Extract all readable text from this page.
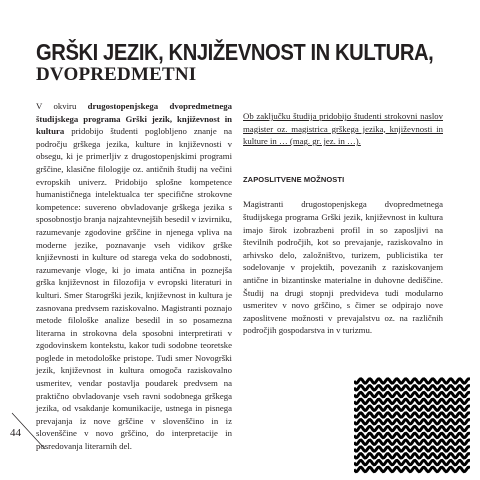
GRŠKI JEZIK, KNJIŽEVNOST IN KULTURA,
DVOPREDMETNI

V okviru drugostopenjskega dvopredmetnega študijskega programa Grški jezik, književnost in kultura pridobijo študenti poglobljeno znanje na področju grškega jezika, kulture in književnosti v obsegu, ki je primerljiv z drugostopenjskimi programi grščine, klasične filologije oz. antičnih študij na večini evropskih univerz. Pridobijo splošne kompetence humanističnega intelektualca ter specifične strokovne kompetence: suvereno obvladovanje grškega jezika s sposobnostjo branja najzahtevnejših besedil v izvirniku, razumevanje zgodovine grščine in njenega vpliva na moderne jezike, poznavanje vseh vidikov grške književnosti in kulture od starega veka do sodobnosti, razumevanje vloge, ki jo imata antična in poznejša grška književnost in filozofija v evropski literaturi in kulturi. Smer Starogrški jezik, književnost in kultura je zasnovana predvsem raziskovalno. Magistranti poznajo metode filološke analize besedil in so posamezna literarna in strokovna dela sposobni interpretirati v zgodovinskem kontekstu, kakor tudi sodobne teoretske poglede in metodološke pristope. Tudi smer Novogrški jezik, književnost in kultura omogoča raziskovalno usmeritev, vendar postavlja poudarek predvsem na praktično obvladovanje vseh ravni sodobnega grškega jezika, od vsakdanje komunikacije, ustnega in pisnega prevajanja iz nove grščine v slovenščino in iz slovenščine v novo grščino, do interpretacije in posredovanja literarnih del.

Ob zaključku študija pridobijo študenti strokovni naslov magister oz. magistrica grškega jezika, književnosti in kulture in … (mag. gr. jez. in …).

ZAPOSLITVENE MOŽNOSTI

Magistranti drugostopenjskega dvopredmetnega študijskega programa Grški jezik, književnost in kultura imajo širok izobrazbeni profil in so zaposljivi na številnih področjih, kot so prevajanje, raziskovalno in arhivsko delo, založništvo, turizem, publicistika ter sodelovanje v projektih, povezanih z raziskovanjem antične in bizantinske materialne in duhovne dediščine. Študij na drugi stopnji predvideva tudi modularno usmeritev v novo grščino, s čimer se odpirajo nove zaposlitvene možnosti v prevajalstvu oz. na različnih področjih gospodarstva in v turizmu.

44
